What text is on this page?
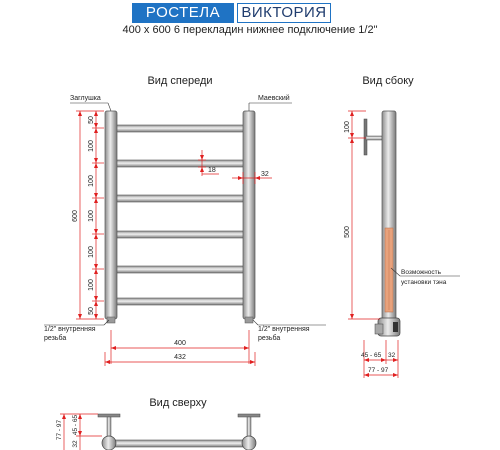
РОСТЕЛА	ВИКТОРИЯ
400 х 600 6 перекладин нижнее подключение 1/2"
Вид спереди
Заглушка	Маевский
1/2" внутренняя
резьба
1/2" внутренняя
резьба
50
100
100
100
100
100
50
600
18
32
400
432
Вид сбоку
Возможность
установки тэна
100
500
45 - 65 32
77 - 97
Вид сверху
77 - 97 45 - 65
32
